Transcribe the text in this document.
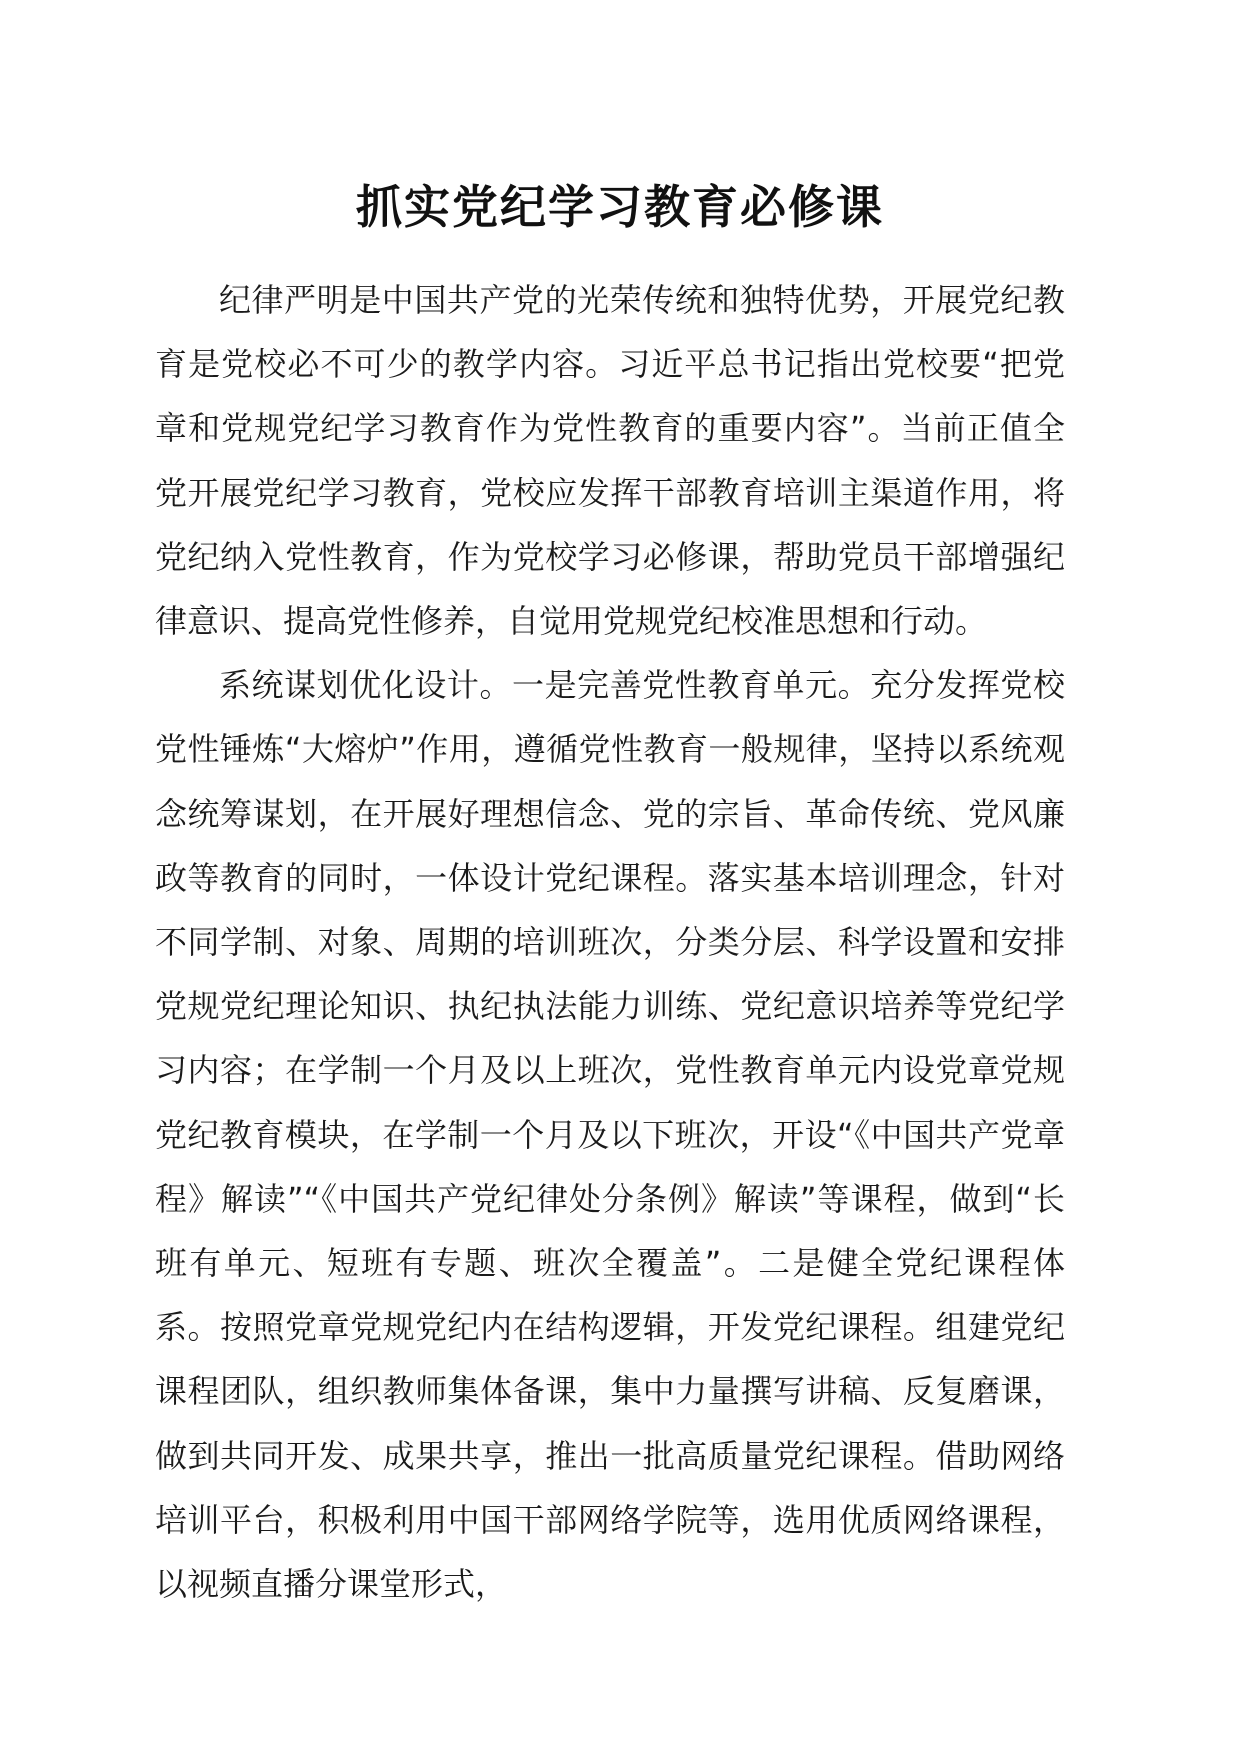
抓实党纪学习教育必修课

纪律严明是中国共产党的光荣传统和独特优势，开展党纪教育是党校必不可少的教学内容。习近平总书记指出党校要“把党章和党规党纪学习教育作为党性教育的重要内容”。当前正值全党开展党纪学习教育，党校应发挥干部教育培训主渠道作用，将党纪纳入党性教育，作为党校学习必修课，帮助党员干部增强纪律意识、提高党性修养，自觉用党规党纪校准思想和行动。

系统谋划优化设计。一是完善党性教育单元。充分发挥党校党性锤炼“大熔炉”作用，遵循党性教育一般规律，坚持以系统观念统筹谋划，在开展好理想信念、党的宗旨、革命传统、党风廉政等教育的同时，一体设计党纪课程。落实基本培训理念，针对不同学制、对象、周期的培训班次，分类分层、科学设置和安排党规党纪理论知识、执纪执法能力训练、党纪意识培养等党纪学习内容；在学制一个月及以上班次，党性教育单元内设党章党规党纪教育模块，在学制一个月及以下班次，开设“《中国共产党章程》解读”“《中国共产党纪律处分条例》解读”等课程，做到“长班有单元、短班有专题、班次全覆盖”。二是健全党纪课程体系。按照党章党规党纪内在结构逻辑，开发党纪课程。组建党纪课程团队，组织教师集体备课，集中力量撰写讲稿、反复磨课，做到共同开发、成果共享，推出一批高质量党纪课程。借助网络培训平台，积极利用中国干部网络学院等，选用优质网络课程，以视频直播分课堂形式，
